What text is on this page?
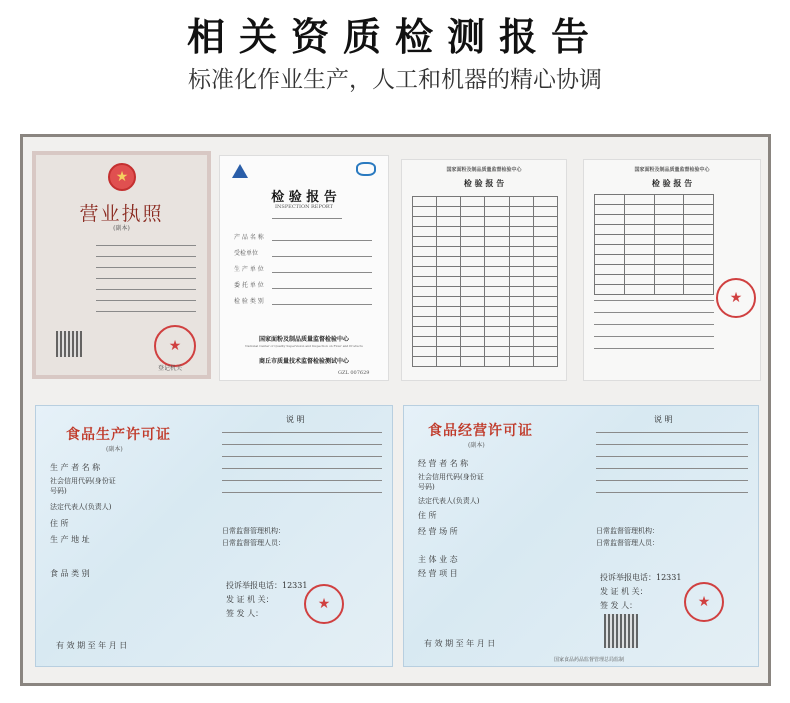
相关资质检测报告
标准化作业生产，人工和机器的精心协调
★
营业执照
(副本)
★
登记机关
检 验 报 告
INSPECTION REPORT
产 品 名 称
受检单位
生 产 单 位
委 托 单 位
检 验 类 别
国家面粉及制品质量监督检验中心
National Center of Quality Supervision and Inspection on Flour and Products
商丘市质量技术监督检验测试中心
GZL 007629
国家面粉及制品质量监督检验中心
检 验 报 告

国家面粉及制品质量监督检验中心
检 验 报 告

★
食品生产许可证
(副本)
生 产 者 名 称
社会信用代码(身份证号码)
法定代表人(负责人)
住 所
生 产 地 址
食 品 类 别
说 明
日常监督管理机构：
日常监督管理人员：
投诉举报电话：12331
发 证 机 关：
签 发 人：
★
有 效 期 至 年 月 日
食品经营许可证
(副本)
经 营 者 名 称
社会信用代码(身份证号码)
法定代表人(负责人)
住 所
经 营 场 所
主 体 业 态
经 营 项 目
说 明
日常监督管理机构：
日常监督管理人员：
投诉举报电话：12331
发 证 机 关：
签 发 人：	★
有 效 期 至 年 月 日
国家食品药品监督管理总局监制
